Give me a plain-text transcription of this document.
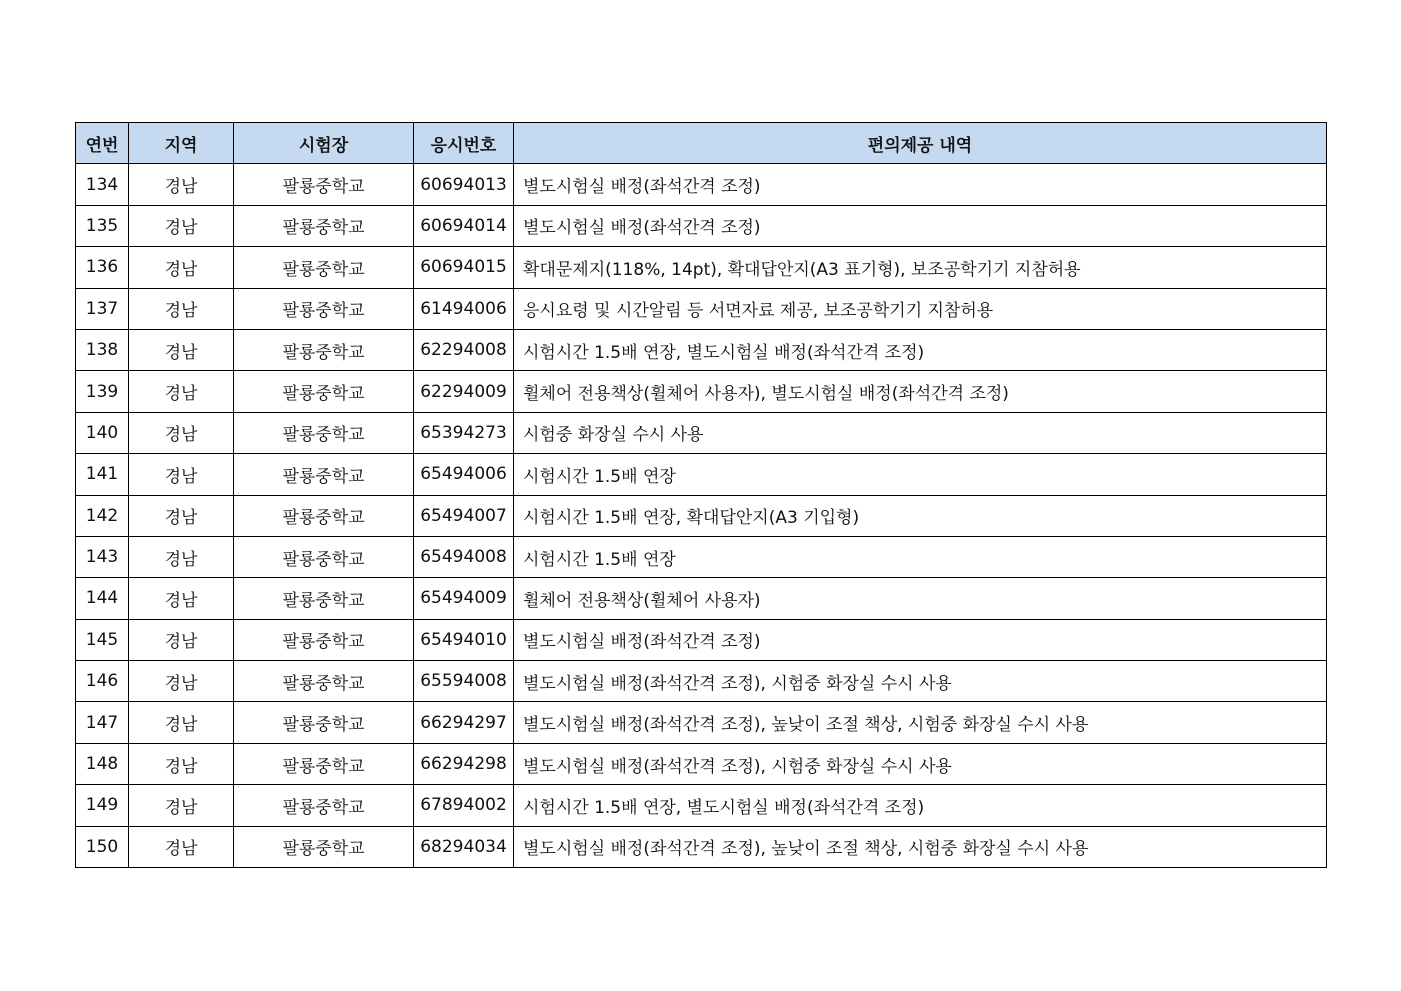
연번	지역	시험장	응시번호	편의제공 내역
134	경남	팔룡중학교	60694013	별도시험실 배정(좌석간격 조정)
135	경남	팔룡중학교	60694014	별도시험실 배정(좌석간격 조정)
136	경남	팔룡중학교	60694015	확대문제지(118%, 14pt), 확대답안지(A3 표기형), 보조공학기기 지참허용
137	경남	팔룡중학교	61494006	응시요령 및 시간알림 등 서면자료 제공, 보조공학기기 지참허용
138	경남	팔룡중학교	62294008	시험시간 1.5배 연장, 별도시험실 배정(좌석간격 조정)
139	경남	팔룡중학교	62294009	휠체어 전용책상(휠체어 사용자), 별도시험실 배정(좌석간격 조정)
140	경남	팔룡중학교	65394273	시험중 화장실 수시 사용
141	경남	팔룡중학교	65494006	시험시간 1.5배 연장
142	경남	팔룡중학교	65494007	시험시간 1.5배 연장, 확대답안지(A3 기입형)
143	경남	팔룡중학교	65494008	시험시간 1.5배 연장
144	경남	팔룡중학교	65494009	휠체어 전용책상(휠체어 사용자)
145	경남	팔룡중학교	65494010	별도시험실 배정(좌석간격 조정)
146	경남	팔룡중학교	65594008	별도시험실 배정(좌석간격 조정), 시험중 화장실 수시 사용
147	경남	팔룡중학교	66294297	별도시험실 배정(좌석간격 조정), 높낮이 조절 책상, 시험중 화장실 수시 사용
148	경남	팔룡중학교	66294298	별도시험실 배정(좌석간격 조정), 시험중 화장실 수시 사용
149	경남	팔룡중학교	67894002	시험시간 1.5배 연장, 별도시험실 배정(좌석간격 조정)
150	경남	팔룡중학교	68294034	별도시험실 배정(좌석간격 조정), 높낮이 조절 책상, 시험중 화장실 수시 사용
